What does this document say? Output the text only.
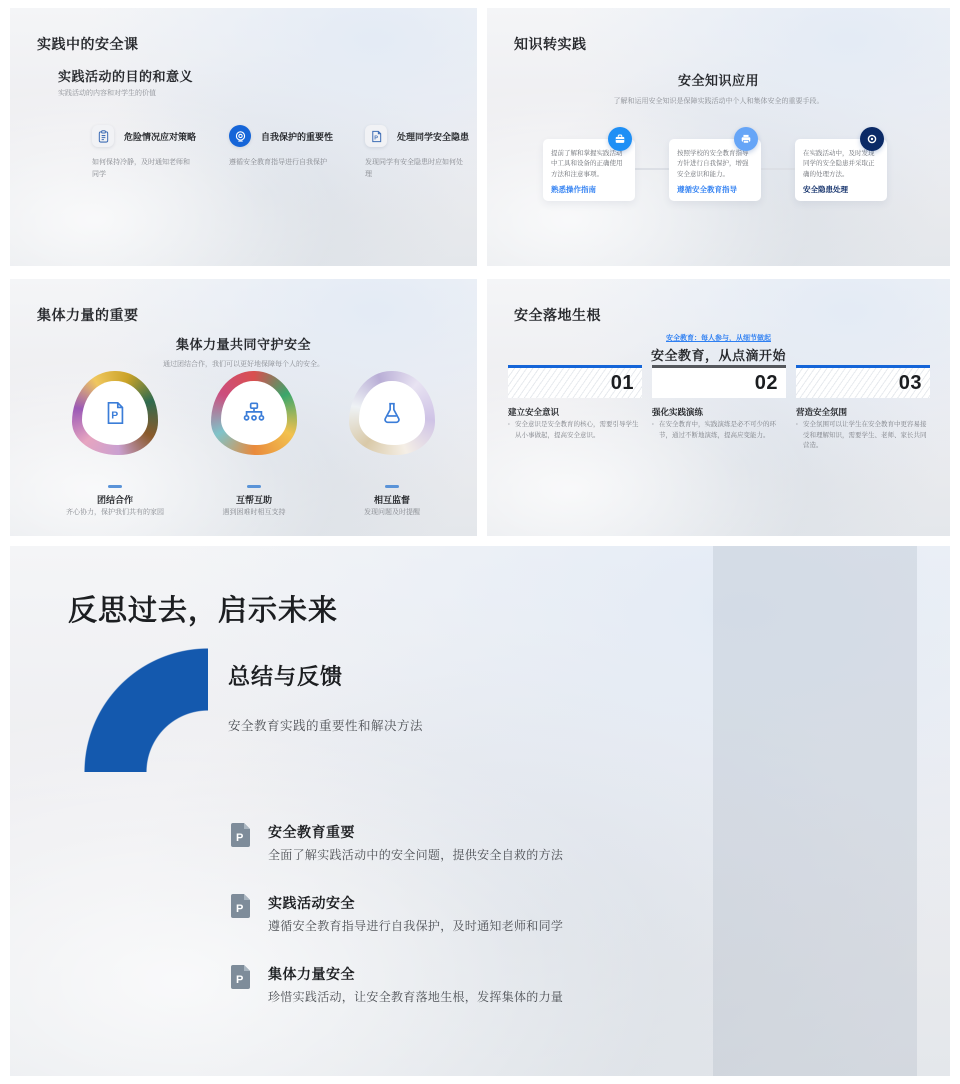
实践中的安全课
实践活动的目的和意义
实践活动的内容和对学生的价值
危险情况应对策略
如何保持冷静，及时通知老师和同学
自我保护的重要性
遵循安全教育指导进行自我保护
P 处理同学安全隐患
发现同学有安全隐患时应如何处理
知识转实践
安全知识应用
了解和运用安全知识是保障实践活动中个人和集体安全的重要手段。
提前了解和掌握实践活动中工具和设备的正确使用方法和注意事项。
熟悉操作指南
按照学校的安全教育指导方针进行自我保护，增强安全意识和能力。
遵循安全教育指导
在实践活动中，及时发现同学的安全隐患并采取正确的处理方法。
安全隐患处理
集体力量的重要
集体力量共同守护安全
通过团结合作，我们可以更好地保障每个人的安全。
P
团结合作
齐心协力，保护我们共有的家园
互帮互助
遇到困难时相互支持
相互监督
发现问题及时提醒
安全落地生根
安全教育：每人参与，从细节做起
安全教育，从点滴开始
01
建立安全意识
· 安全意识是安全教育的核心，需要引导学生从小事做起，提高安全意识。
02
强化实践演练
· 在安全教育中，实践演练是必不可少的环节，通过不断地演练，提高应变能力。
03
营造安全氛围
· 安全氛围可以让学生在安全教育中更容易接受和理解知识，需要学生、老师、家长共同营造。
反思过去，启示未来
总结与反馈
安全教育实践的重要性和解决方法
P 安全教育重要
全面了解实践活动中的安全问题，提供安全自救的方法
P 实践活动安全
遵循安全教育指导进行自我保护，及时通知老师和同学
P 集体力量安全
珍惜实践活动，让安全教育落地生根，发挥集体的力量
